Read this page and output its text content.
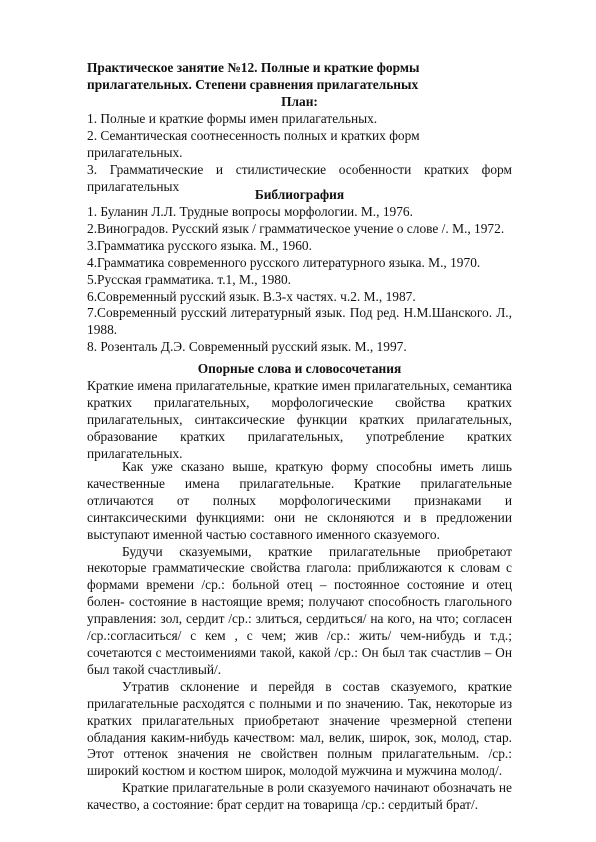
Практическое занятие №12. Полные и краткие формы прилагательных. Степени сравнения прилагательных
План:
1. Полные и краткие формы имен прилагательных.
2. Семантическая соотнесенность полных и кратких форм прилагательных.
3. Грамматические и стилистические особенности кратких форм прилагательных
Библиография
1. Буланин Л.Л. Трудные вопросы морфологии. М., 1976.
2.Виноградов. Русский язык / грамматическое учение о слове /. М., 1972.
3.Грамматика русского языка. М., 1960.
4.Грамматика современного русского литературного языка. М., 1970.
5.Русская грамматика. т.1, М., 1980.
6.Современный русский язык. В.3-х частях. ч.2. М., 1987.
7.Современный русский литературный язык. Под ред. Н.М.Шанского. Л., 1988.
8. Розенталь Д.Э. Современный русский язык. М., 1997.
Опорные слова и словосочетания
Краткие имена прилагательные, краткие имен прилагательных, семантика кратких прилагательных, морфологические свойства кратких прилагательных, синтаксические функции кратких прилагательных, образование кратких прилагательных, употребление кратких прилагательных.

Как уже сказано выше, краткую форму способны иметь лишь качественные имена прилагательные. Краткие прилагательные отличаются от полных морфологическими признаками и синтаксическими функциями: они не склоняются и в предложении выступают именной частью составного именного сказуемого.

Будучи сказуемыми, краткие прилагательные приобретают некоторые грамматические свойства глагола: приближаются к словам с формами времени /ср.: больной отец – постоянное состояние и отец болен- состояние в настоящие время; получают способность глагольного управления: зол, сердит /ср.: злиться, сердиться/ на кого, на что; согласен /ср.:согласиться/ с кем , с чем; жив /ср.: жить/ чем-нибудь и т.д.; сочетаются с местоимениями такой, какой /ср.: Он был так счастлив – Он был такой счастливый/.

Утратив склонение и перейдя в состав сказуемого, краткие прилагательные расходятся с полными и по значению. Так, некоторые из кратких прилагательных приобретают значение чрезмерной степени обладания каким-нибудь качеством: мал, велик, широк, зок, молод, стар. Этот оттенок значения не свойствен полным прилагательным. /ср.: широкий костюм и костюм широк, молодой мужчина и мужчина молод/.

Краткие прилагательные в роли сказуемого начинают обозначать не качество, а состояние: брат сердит на товарища /ср.: сердитый брат/.
